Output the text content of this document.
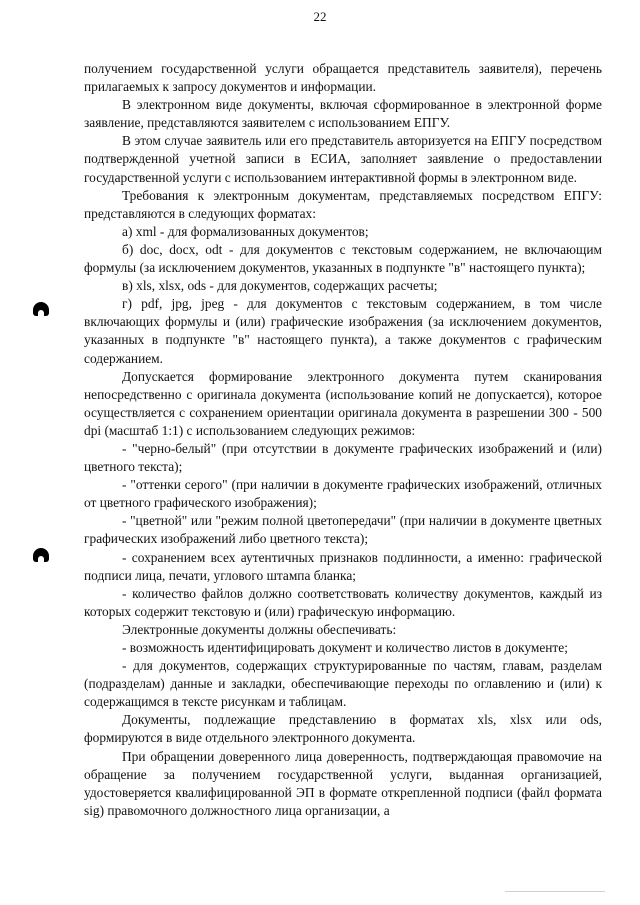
22

получением государственной услуги обращается представитель заявителя), перечень прилагаемых к запросу документов и информации.

В электронном виде документы, включая сформированное в электронной форме заявление, представляются заявителем с использованием ЕПГУ.

В этом случае заявитель или его представитель авторизуется на ЕПГУ посредством подтвержденной учетной записи в ЕСИА, заполняет заявление о предоставлении государственной услуги с использованием интерактивной формы в электронном виде.

Требования к электронным документам, представляемых посредством ЕПГУ: представляются в следующих форматах:

а) xml - для формализованных документов;

б) doc, docx, odt - для документов с текстовым содержанием, не включающим формулы (за исключением документов, указанных в подпункте "в" настоящего пункта);

в) xls, xlsx, ods - для документов, содержащих расчеты;

г) pdf, jpg, jpeg - для документов с текстовым содержанием, в том числе включающих формулы и (или) графические изображения (за исключением документов, указанных в подпункте "в" настоящего пункта), а также документов с графическим содержанием.

Допускается формирование электронного документа путем сканирования непосредственно с оригинала документа (использование копий не допускается), которое осуществляется с сохранением ориентации оригинала документа в разрешении 300 - 500 dpi (масштаб 1:1) с использованием следующих режимов:

- "черно-белый" (при отсутствии в документе графических изображений и (или) цветного текста);

- "оттенки серого" (при наличии в документе графических изображений, отличных от цветного графического изображения);

- "цветной" или "режим полной цветопередачи" (при наличии в документе цветных графических изображений либо цветного текста);

- сохранением всех аутентичных признаков подлинности, а именно: графической подписи лица, печати, углового штампа бланка;

- количество файлов должно соответствовать количеству документов, каждый из которых содержит текстовую и (или) графическую информацию.

Электронные документы должны обеспечивать:

- возможность идентифицировать документ и количество листов в документе;

- для документов, содержащих структурированные по частям, главам, разделам (подразделам) данные и закладки, обеспечивающие переходы по оглавлению и (или) к содержащимся в тексте рисункам и таблицам.

Документы, подлежащие представлению в форматах xls, xlsx или ods, формируются в виде отдельного электронного документа.

При обращении доверенного лица доверенность, подтверждающая правомочие на обращение за получением государственной услуги, выданная организацией, удостоверяется квалифицированной ЭП в формате открепленной подписи (файл формата sig) правомочного должностного лица организации, а
